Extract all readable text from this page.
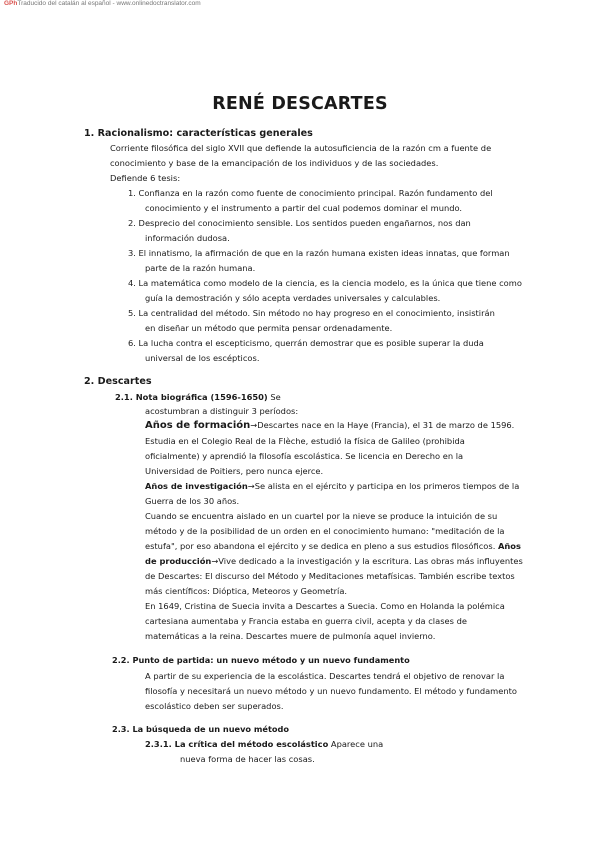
GPhTraducido del catalán al español - www.onlinedoctranslator.com
RENÉ DESCARTES
1. Racionalismo: características generales
Corriente filosófica del siglo XVII que defiende la autosuficiencia de la razón cm a fuente de
conocimiento y base de la emancipación de los individuos y de las sociedades.
Defiende 6 tesis:
1. Confianza en la razón como fuente de conocimiento principal. Razón fundamento del
conocimiento y el instrumento a partir del cual podemos dominar el mundo.
2. Desprecio del conocimiento sensible. Los sentidos pueden engañarnos, nos dan
información dudosa.
3. El innatismo, la afirmación de que en la razón humana existen ideas innatas, que forman
parte de la razón humana.
4. La matemática como modelo de la ciencia, es la ciencia modelo, es la única que tiene como
guía la demostración y sólo acepta verdades universales y calculables.
5. La centralidad del método. Sin método no hay progreso en el conocimiento, insistirán
en diseñar un método que permita pensar ordenadamente.
6. La lucha contra el escepticismo, querrán demostrar que es posible superar la duda
universal de los escépticos.
2. Descartes
2.1. Nota biográfica (1596-1650) Se
acostumbran a distinguir 3 períodos:
Años de formación→Descartes nace en la Haye (Francia), el 31 de marzo de 1596.
Estudia en el Colegio Real de la Flèche, estudió la física de Galileo (prohibida
oficialmente) y aprendió la filosofía escolástica. Se licencia en Derecho en la
Universidad de Poitiers, pero nunca ejerce.
Años de investigación→Se alista en el ejército y participa en los primeros tiempos de la
Guerra de los 30 años.
Cuando se encuentra aislado en un cuartel por la nieve se produce la intuición de su
método y de la posibilidad de un orden en el conocimiento humano: "meditación de la
estufa", por eso abandona el ejército y se dedica en pleno a sus estudios filosóficos. Años
de producción→Vive dedicado a la investigación y la escritura. Las obras más influyentes
de Descartes: El discurso del Método y Meditaciones metafísicas. También escribe textos
más científicos: Dióptica, Meteoros y Geometría.
En 1649, Cristina de Suecia invita a Descartes a Suecia. Como en Holanda la polémica
cartesiana aumentaba y Francia estaba en guerra civil, acepta y da clases de
matemáticas a la reina. Descartes muere de pulmonía aquel invierno.
2.2. Punto de partida: un nuevo método y un nuevo fundamento
A partir de su experiencia de la escolástica. Descartes tendrá el objetivo de renovar la
filosofía y necesitará un nuevo método y un nuevo fundamento. El método y fundamento
escolástico deben ser superados.
2.3. La búsqueda de un nuevo método
2.3.1. La crítica del método escolástico Aparece una
nueva forma de hacer las cosas.
